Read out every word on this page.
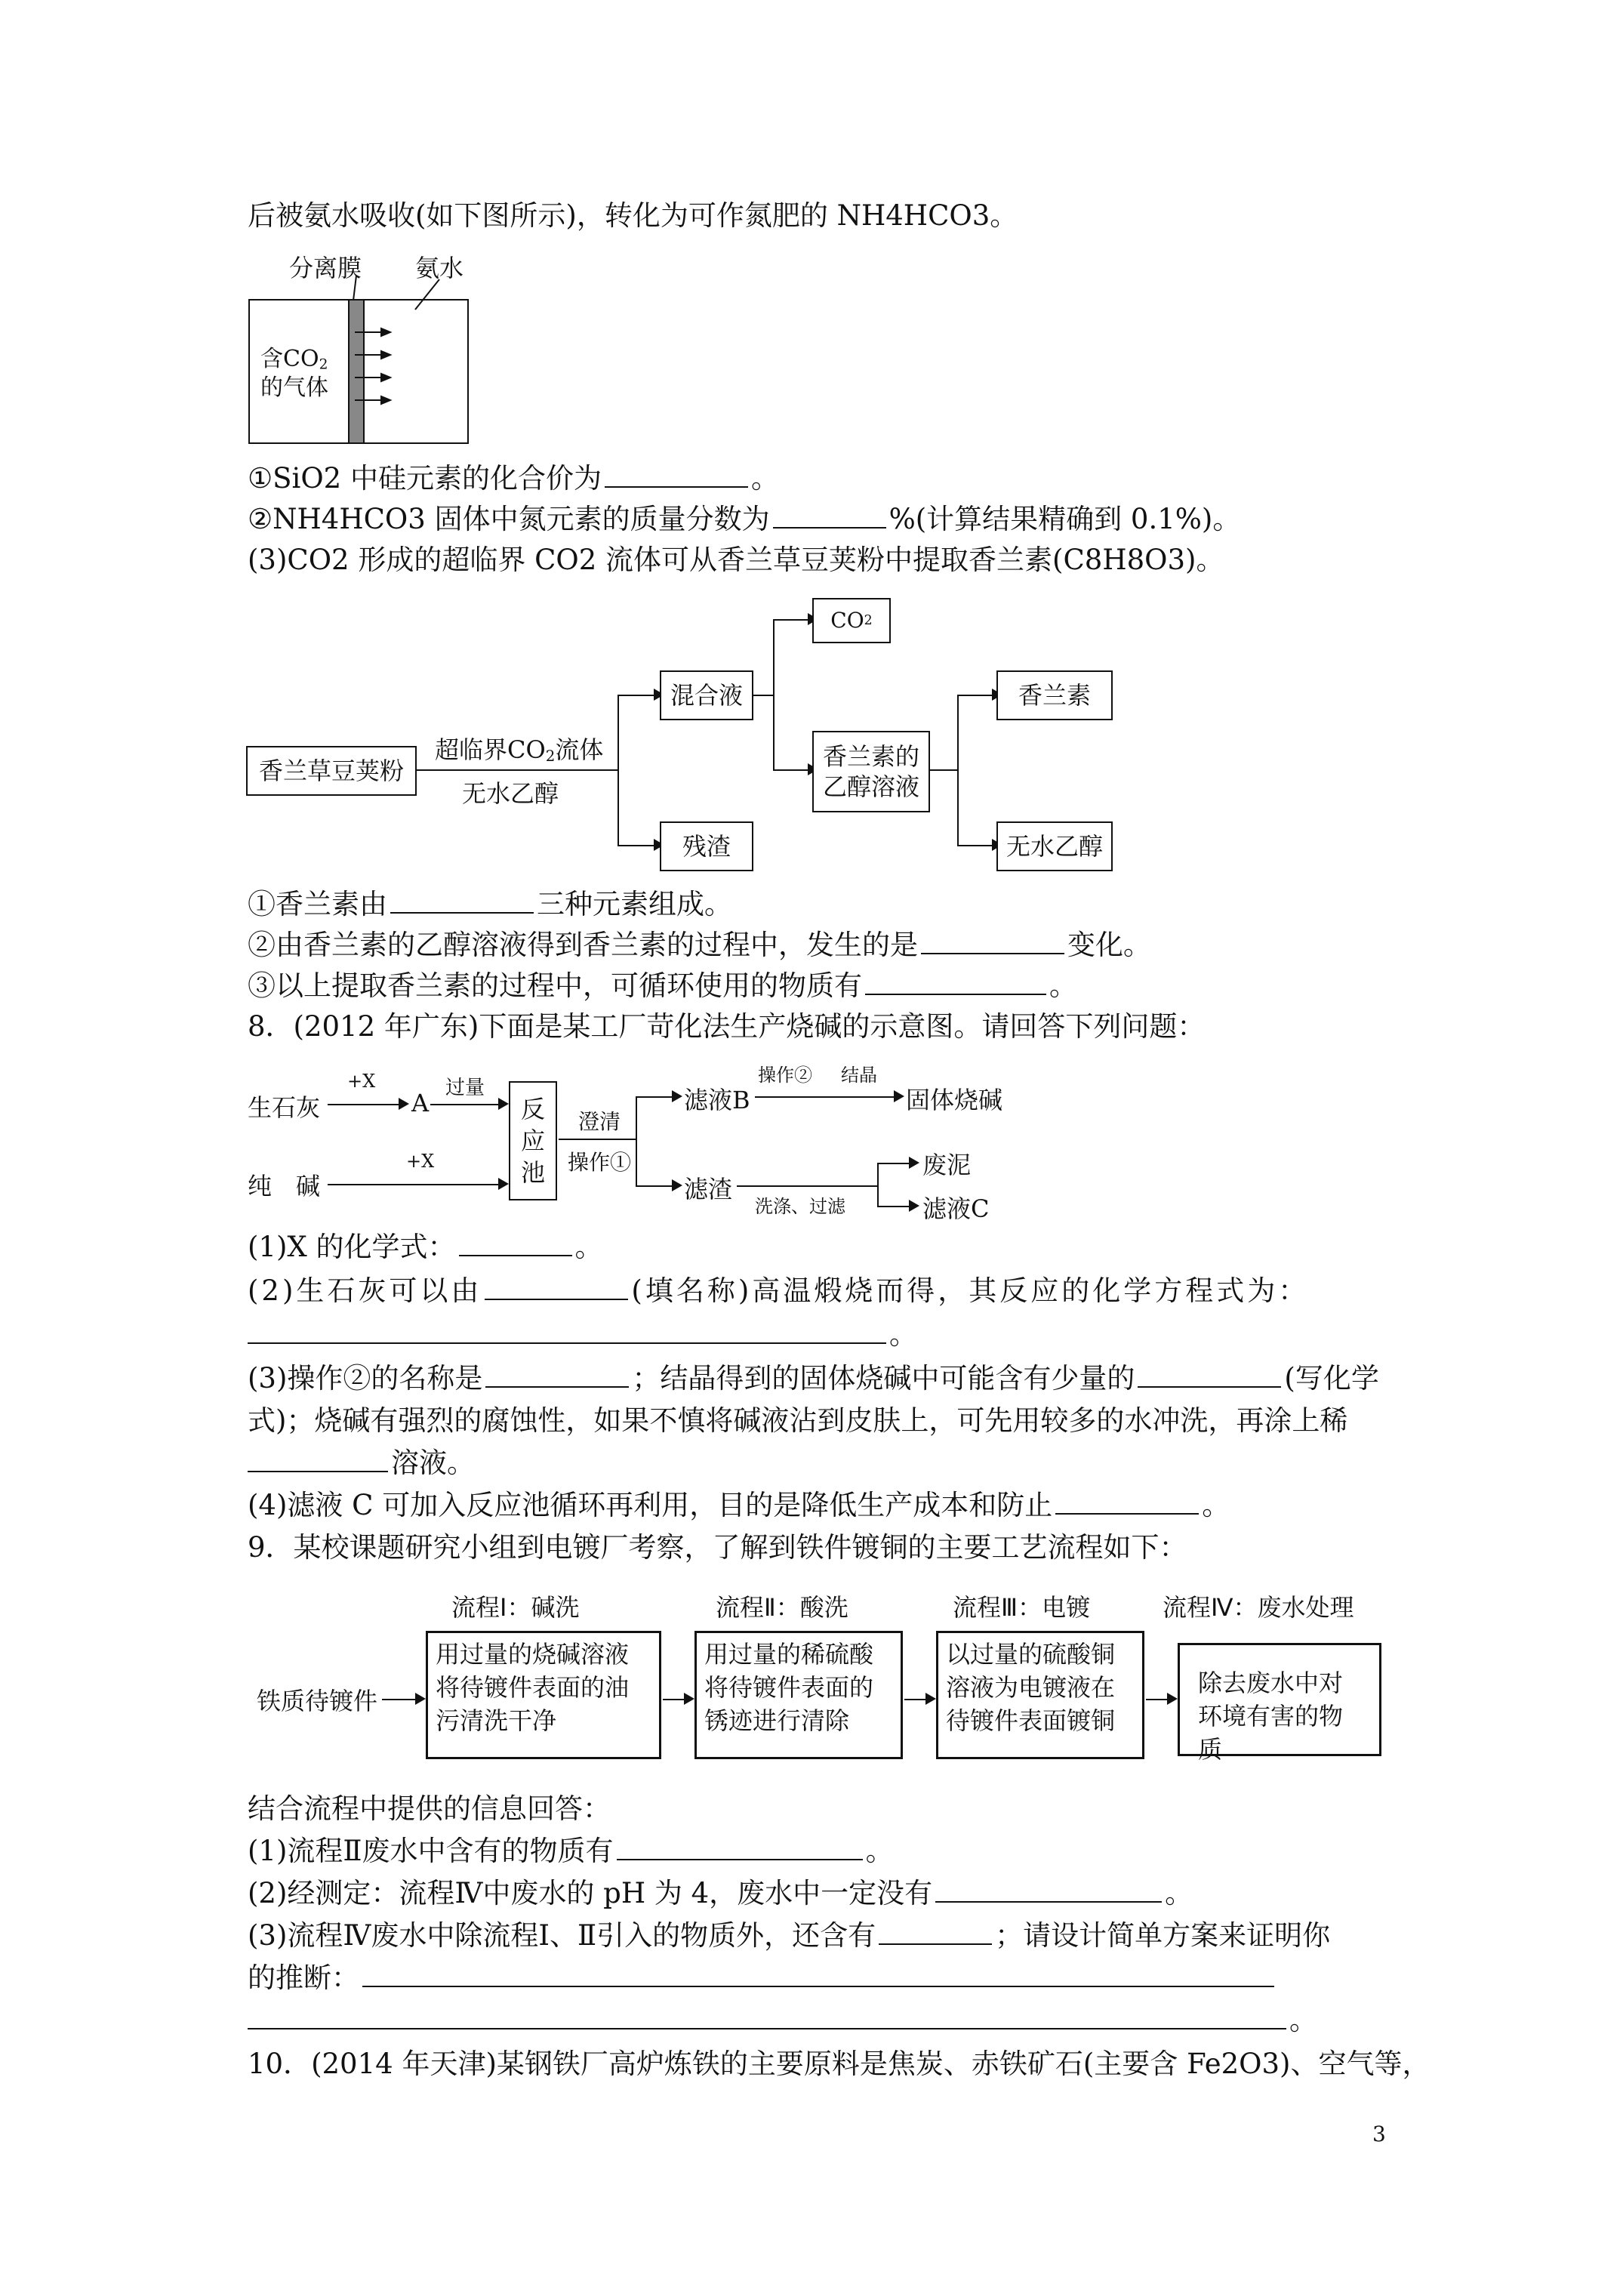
后被氨水吸收(如下图所示)，转化为可作氮肥的 NH4HCO3。
分离膜 氨水
含CO2
的气体
①SiO2 中硅元素的化合价为	。
②NH4HCO3 固体中氮元素的质量分数为	%(计算结果精确到 0.1%)。
(3)CO2 形成的超临界 CO2 流体可从香兰草豆荚粉中提取香兰素(C8H8O3)。
香兰草豆荚粉
超临界$CO_2$流体
无水乙醇
混合液
残渣
CO 2
香兰素的
乙醇溶液
香兰素
无水乙醇
①香兰素由	三种元素组成。
②由香兰素的乙醇溶液得到香兰素的过程中，发生的是	变化。
③以上提取香兰素的过程中，可循环使用的物质有	。
8．(2012 年广东)下面是某工厂苛化法生产烧碱的示意图。请回答下列问题：
生石灰
+X
A
过量
纯　碱
+X
反应池
澄清
操作①
滤液B
操作② 结晶
固体烧碱
滤渣
洗涤、过滤
废泥
滤液C
(1)X 的化学式：	。
(2)生石灰可以由	(填名称)高温煅烧而得，其反应的化学方程式为：
。
(3)操作②的名称是	；结晶得到的固体烧碱中可能含有少量的	(写化学
式)；烧碱有强烈的腐蚀性，如果不慎将碱液沾到皮肤上，可先用较多的水冲洗，再涂上稀
溶液。
(4)滤液 C 可加入反应池循环再利用，目的是降低生产成本和防止	。
9．某校课题研究小组到电镀厂考察，了解到铁件镀铜的主要工艺流程如下：
流程Ⅰ：碱洗	流程Ⅱ：酸洗	流程Ⅲ：电镀	流程Ⅳ：废水处理
铁质待镀件
用过量的烧碱溶液将待镀件表面的油污清洗干净
用过量的稀硫酸将待镀件表面的锈迹进行清除
以过量的硫酸铜溶液为电镀液在待镀件表面镀铜
除去废水中对环境有害的物质
结合流程中提供的信息回答：
(1)流程Ⅱ废水中含有的物质有	。
(2)经测定：流程Ⅳ中废水的 pH 为 4，废水中一定没有	。
(3)流程Ⅳ废水中除流程Ⅰ、Ⅱ引入的物质外，还含有	；请设计简单方案来证明你
的推断：
。
10．(2014 年天津)某钢铁厂高炉炼铁的主要原料是焦炭、赤铁矿石(主要含 Fe2O3)、空气等，
3
